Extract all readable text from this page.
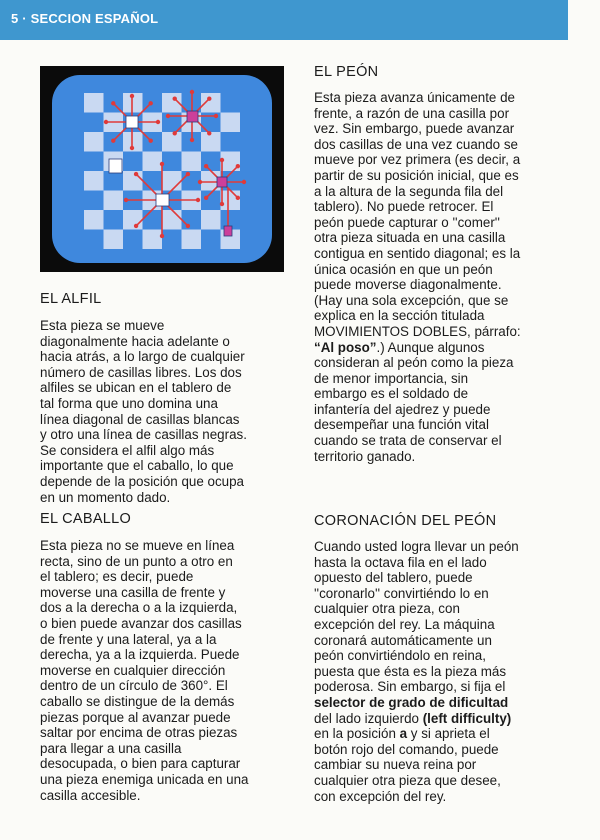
5 · SECCION ESPAÑOL
EL ALFIL
Esta pieza se mueve
diagonalmente hacia adelante o
hacia atrás, a lo largo de cualquier
número de casillas libres. Los dos
alfiles se ubican en el tablero de
tal forma que uno domina una
línea diagonal de casillas blancas
y otro una línea de casillas negras.
Se considera el alfil algo más
importante que el caballo, lo que
depende de la posición que ocupa
en un momento dado.
EL CABALLO
Esta pieza no se mueve en línea
recta, sino de un punto a otro en
el tablero; es decir, puede
moverse una casilla de frente y
dos a la derecha o a la izquierda,
o bien puede avanzar dos casillas
de frente y una lateral, ya a la
derecha, ya a la izquierda. Puede
moverse en cualquier dirección
dentro de un círculo de 360°. El
caballo se distingue de la demás
piezas porque al avanzar puede
saltar por encima de otras piezas
para llegar a una casilla
desocupada, o bien para capturar
una pieza enemiga unicada en una
casilla accesible.
EL PEÓN
Esta pieza avanza únicamente de
frente, a razón de una casilla por
vez. Sin embargo, puede avanzar
dos casillas de una vez cuando se
mueve por vez primera (es decir, a
partir de su posición inicial, que es
a la altura de la segunda fila del
tablero). No puede retrocer. El
peón puede capturar o ''comer''
otra pieza situada en una casilla
contigua en sentido diagonal; es la
única ocasión en que un peón
puede moverse diagonalmente.
(Hay una sola excepción, que se
explica en la sección titulada
MOVIMIENTOS DOBLES, párrafo:
“Al poso”.) Aunque algunos
consideran al peón como la pieza
de menor importancia, sin
embargo es el soldado de
infantería del ajedrez y puede
desempeñar una función vital
cuando se trata de conservar el
territorio ganado.
CORONACIÓN DEL PEÓN
Cuando usted logra llevar un peón
hasta la octava fila en el lado
opuesto del tablero, puede
''coronarlo'' convirtiéndo lo en
cualquier otra pieza, con
excepción del rey. La máquina
coronará automáticamente un
peón convirtiéndolo en reina,
puesta que ésta es la pieza más
poderosa. Sin embargo, si fija el
selector de grado de dificultad
del lado izquierdo (left difficulty)
en la posición a y si aprieta el
botón rojo del comando, puede
cambiar su nueva reina por
cualquier otra pieza que desee,
con excepción del rey.
